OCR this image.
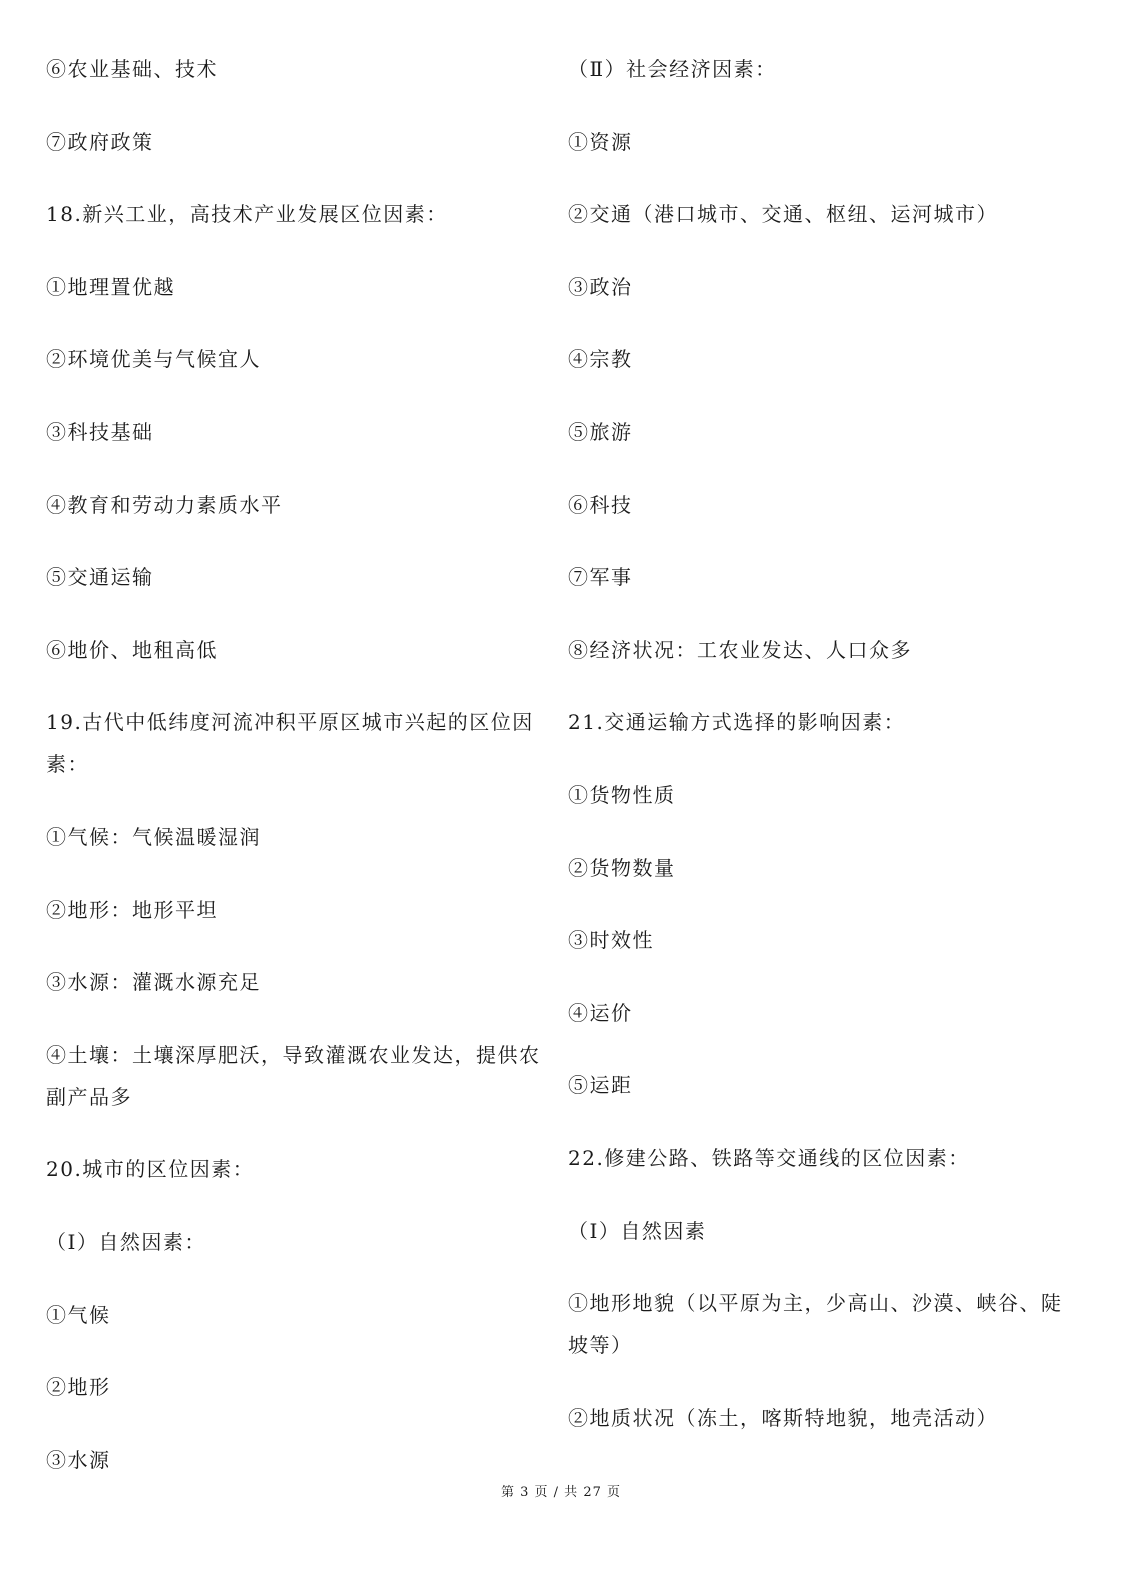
⑥农业基础、技术
⑦政府政策
18.新兴工业，高技术产业发展区位因素：
①地理置优越
②环境优美与气候宜人
③科技基础
④教育和劳动力素质水平
⑤交通运输
⑥地价、地租高低
19.古代中低纬度河流冲积平原区城市兴起的区位因素：
①气候：气候温暖湿润
②地形：地形平坦
③水源：灌溉水源充足
④土壤：土壤深厚肥沃，导致灌溉农业发达，提供农副产品多
20.城市的区位因素：
（Ⅰ）自然因素：
①气候
②地形
③水源
（Ⅱ）社会经济因素：
①资源
②交通（港口城市、交通、枢纽、运河城市）
③政治
④宗教
⑤旅游
⑥科技
⑦军事
⑧经济状况：工农业发达、人口众多
21.交通运输方式选择的影响因素：
①货物性质
②货物数量
③时效性
④运价
⑤运距
22.修建公路、铁路等交通线的区位因素：
（Ⅰ）自然因素
①地形地貌（以平原为主，少高山、沙漠、峡谷、陡坡等）
②地质状况（冻土，喀斯特地貌，地壳活动）
第 3 页 / 共 27 页
